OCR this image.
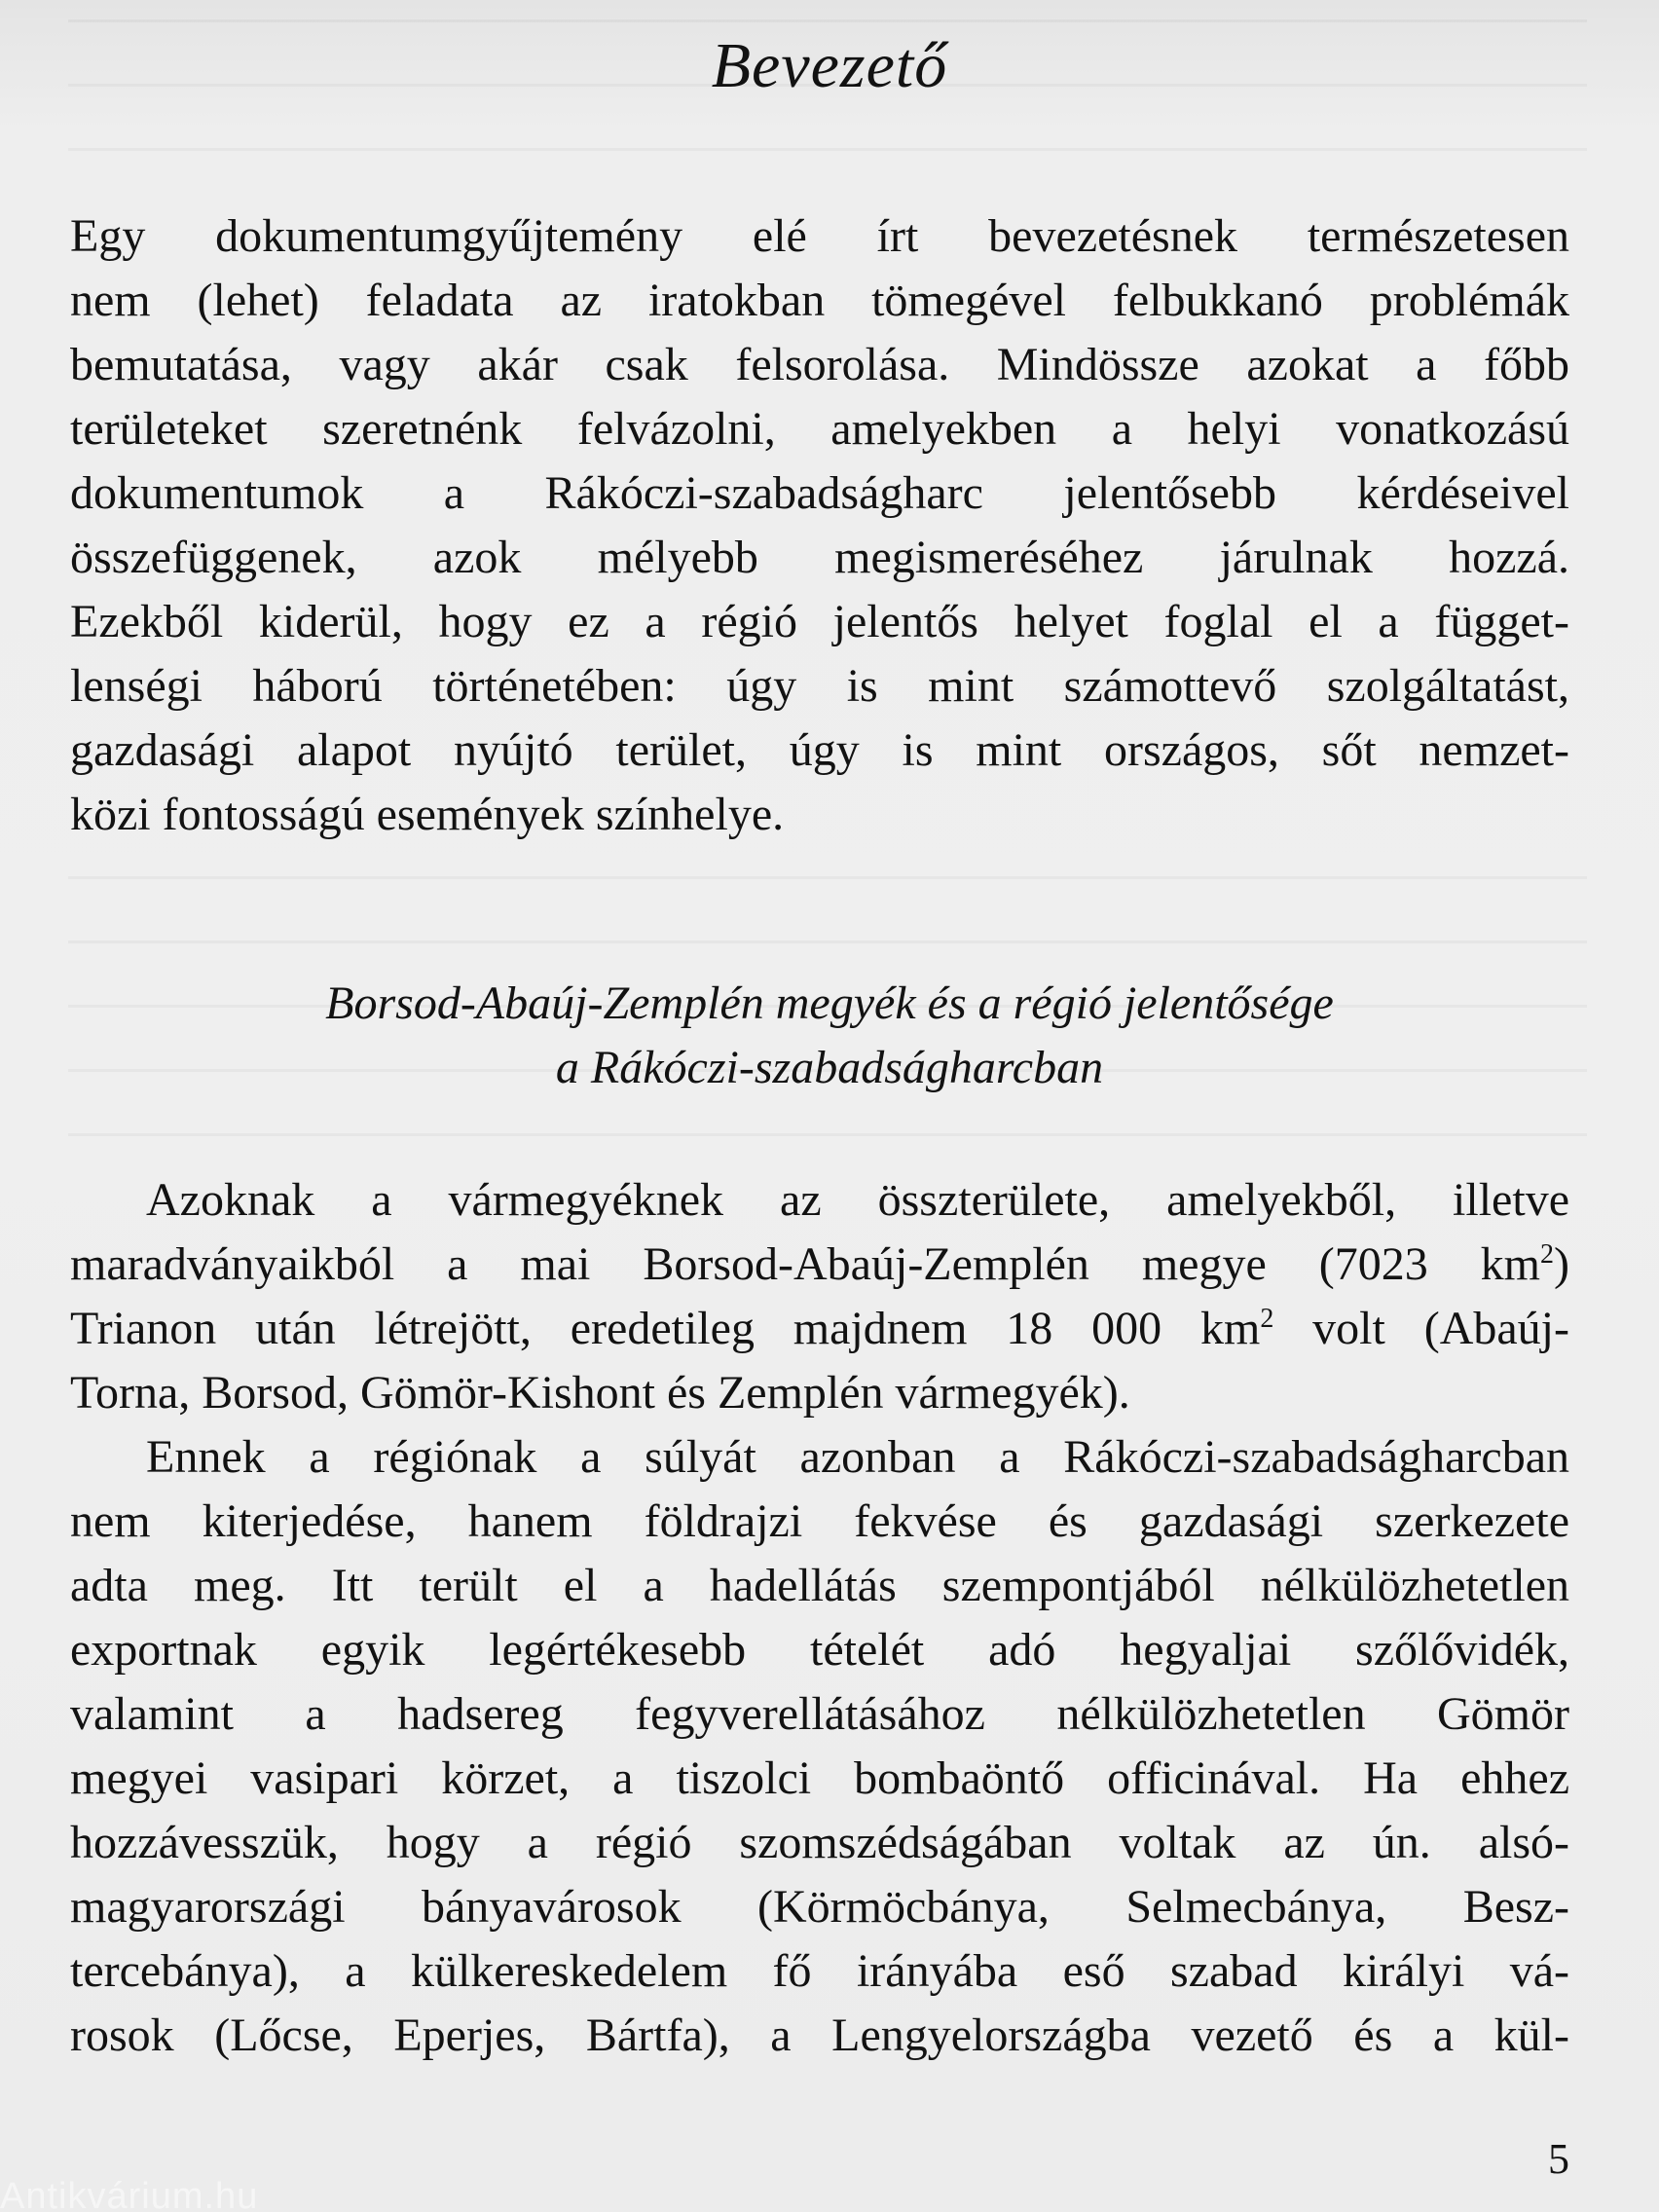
Bevezető
Egy dokumentumgyűjtemény elé írt bevezetésnek természetesen
nem (lehet) feladata az iratokban tömegével felbukkanó problémák
bemutatása, vagy akár csak felsorolása. Mindössze azokat a főbb
területeket szeretnénk felvázolni, amelyekben a helyi vonatkozású
dokumentumok a Rákóczi-szabadságharc jelentősebb kérdéseivel
összefüggenek, azok mélyebb megismeréséhez járulnak hozzá.
Ezekből kiderül, hogy ez a régió jelentős helyet foglal el a függet-
lenségi háború történetében: úgy is mint számottevő szolgáltatást,
gazdasági alapot nyújtó terület, úgy is mint országos, sőt nemzet-
közi fontosságú események színhelye.
Borsod-Abaúj-Zemplén megyék és a régió jelentősége
a Rákóczi-szabadságharcban
Azoknak a vármegyéknek az összterülete, amelyekből, illetve
maradványaikból a mai Borsod-Abaúj-Zemplén megye (7023 $km^2$)
Trianon után létrejött, eredetileg majdnem 18 000 $km^2$ volt (Abaúj-
Torna, Borsod, Gömör-Kishont és Zemplén vármegyék).
Ennek a régiónak a súlyát azonban a Rákóczi-szabadságharcban
nem kiterjedése, hanem földrajzi fekvése és gazdasági szerkezete
adta meg. Itt terült el a hadellátás szempontjából nélkülözhetetlen
exportnak egyik legértékesebb tételét adó hegyaljai szőlővidék,
valamint a hadsereg fegyverellátásához nélkülözhetetlen Gömör
megyei vasipari körzet, a tiszolci bombaöntő officinával. Ha ehhez
hozzávesszük, hogy a régió szomszédságában voltak az ún. alsó-
magyarországi bányavárosok (Körmöcbánya, Selmecbánya, Besz-
tercebánya), a külkereskedelem fő irányába eső szabad királyi vá-
rosok (Lőcse, Eperjes, Bártfa), a Lengyelországba vezető és a kül-
5
Antikvárium.hu
